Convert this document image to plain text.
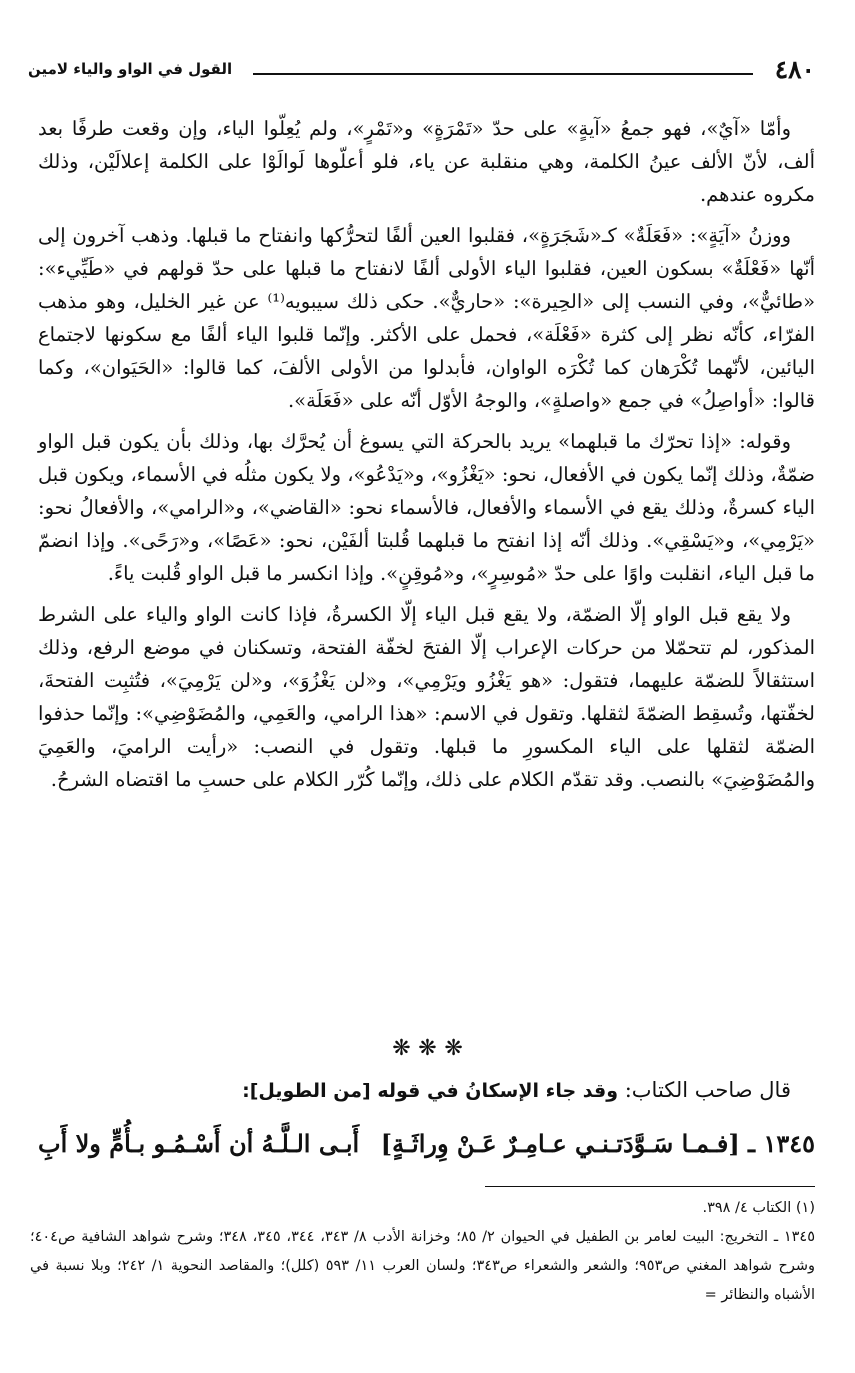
٤٨٠
القول في الواو والياء لامين

وأمّا «آيٌ»، فهو جمعُ «آيةٍ» على حدّ «تَمْرَةٍ» و«تَمْرٍ»، ولم يُعِلّوا الياء، وإن وقعت طرفًا بعد ألف، لأنّ الألف عينُ الكلمة، وهي منقلبة عن ياء، فلو أعلّوها لَوالَوْا على الكلمة إعلالَيْن، وذلك مكروه عندهم.

ووزنُ «آيَةٍ»: «فَعَلَةٌ» كـ«شَجَرَةٍ»، فقلبوا العين ألفًا لتحرُّكها وانفتاح ما قبلها. وذهب آخرون إلى أنّها «فَعْلَةٌ» بسكون العين، فقلبوا الياء الأولى ألفًا لانفتاح ما قبلها على حدّ قولهم في «طَيِّيء»: «طائيٌّ»، وفي النسب إلى «الحِيرة»: «حاريٌّ». حكى ذلك سيبويه⁽¹⁾ عن غير الخليل، وهو مذهب الفرّاء، كأنّه نظر إلى كثرة «فَعْلَة»، فحمل على الأكثر. وإنّما قلبوا الياء ألفًا مع سكونها لاجتماع اليائين، لأنّهما تُكْرَهان كما تُكْرَه الواوان، فأبدلوا من الأولى الألفَ، كما قالوا: «الحَيَوان»، وكما قالوا: «أواصِلُ» في جمع «واصلةٍ»، والوجهُ الأوّل أنّه على «فَعَلَة».

وقوله: «إذا تحرّك ما قبلهما» يريد بالحركة التي يسوغ أن يُحرَّك بها، وذلك بأن يكون قبل الواو ضمّةٌ، وذلك إنّما يكون في الأفعال، نحو: «يَغْزُو»، و«يَدْعُو»، ولا يكون مثلُه في الأسماء، ويكون قبل الياء كسرةٌ، وذلك يقع في الأسماء والأفعال، فالأسماء نحو: «القاضي»، و«الرامي»، والأفعالُ نحو: «يَرْمِي»، و«يَسْقِي». وذلك أنّه إذا انفتح ما قبلهما قُلبتا ألفَيْن، نحو: «عَصًا»، و«رَحًى». وإذا انضمّ ما قبل الياء، انقلبت واوًا على حدّ «مُوسِرٍ»، و«مُوقِنٍ». وإذا انكسر ما قبل الواو قُلبت ياءً.

ولا يقع قبل الواو إلّا الضمّة، ولا يقع قبل الياء إلّا الكسرةُ، فإذا كانت الواو والياء على الشرط المذكور، لم تتحمّلا من حركات الإعراب إلّا الفتحَ لخفّة الفتحة، وتسكنان في موضع الرفع، وذلك استثقالاً للضمّة عليهما، فتقول: «هو يَغْزُو ويَرْمِي»، و«لن يَغْزُوَ»، و«لن يَرْمِيَ»، فتُثبِت الفتحةَ، لخفّتها، وتُسقِط الضمّةَ لثقلها. وتقول في الاسم: «هذا الرامي، والعَمِي، والمُضَوْضِي»: وإنّما حذفوا الضمّة لثقلها على الياء المكسورِ ما قبلها. وتقول في النصب: «رأيت الراميَ، والعَمِيَ والمُضَوْضِيَ» بالنصب. وقد تقدّم الكلام على ذلك، وإنّما كُرّر الكلام على حسبِ ما اقتضاه الشرحُ.

❋ ❋ ❋
قال صاحب الكتاب: وقد جاء الإسكانُ في قوله [من الطويل]:
١٣٤٥ ـ [فـمـا سَـوَّدَتـنـي عـامِـرٌ عَـنْ وِراثَـةٍ]
أَبـى الـلَّـهُ أن أَسْـمُـو بـأُمٍّ ولا أَبِ

(١) الكتاب ٤/ ٣٩٨.

١٣٤٥ ـ التخريج: البيت لعامر بن الطفيل في الحيوان ٢/ ٨٥؛ وخزانة الأدب ٨/ ٣٤٣، ٣٤٤، ٣٤٥، ٣٤٨؛ وشرح شواهد الشافية ص٤٠٤؛ وشرح شواهد المغني ص٩٥٣؛ والشعر والشعراء ص٣٤٣؛ ولسان العرب ١١/ ٥٩٣ (كلل)؛ والمقاصد النحوية ١/ ٢٤٢؛ وبلا نسبة في الأشباه والنظائر =
